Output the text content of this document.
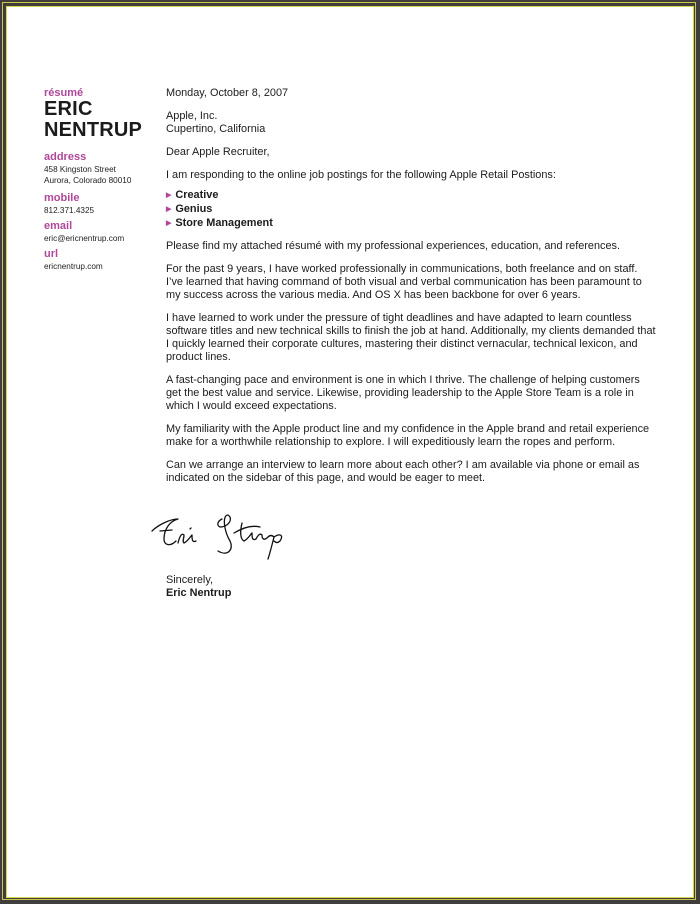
résumé
ERIC
NENTRUP
address
458 Kingston Street
Aurora, Colorado 80010
mobile
812.371.4325
email
eric@ericnentrup.com
url
ericnentrup.com
Monday, October 8, 2007
Apple, Inc.
Cupertino, California
Dear Apple Recruiter,
I am responding to the online job postings for the following Apple Retail Postions:
▶ Creative
▶ Genius
▶ Store Management
Please find my attached résumé with my professional experiences, education, and references.
For the past 9 years, I have worked professionally in communications, both freelance and on staff. I’ve learned that having command of both visual and verbal communication has been paramount to my success across the various media. And OS X has been backbone for over 6 years.
I have learned to work under the pressure of tight deadlines and have adapted to learn countless software titles and new technical skills to finish the job at hand. Additionally, my clients demanded that I quickly learned their corporate cultures, mastering their distinct vernacular, technical lexicon, and product lines.
A fast-changing pace and environment is one in which I thrive. The challenge of helping customers get the best value and service. Likewise, providing leadership to the Apple Store Team is a role in which I would exceed expectations.
My familiarity with the Apple product line and my confidence in the Apple brand and retail experience make for a worthwhile relationship to explore. I will expeditiously learn the ropes and perform.
Can we arrange an interview to learn more about each other? I am available via phone or email as indicated on the sidebar of this page, and would be eager to meet.
Sincerely,
Eric Nentrup
